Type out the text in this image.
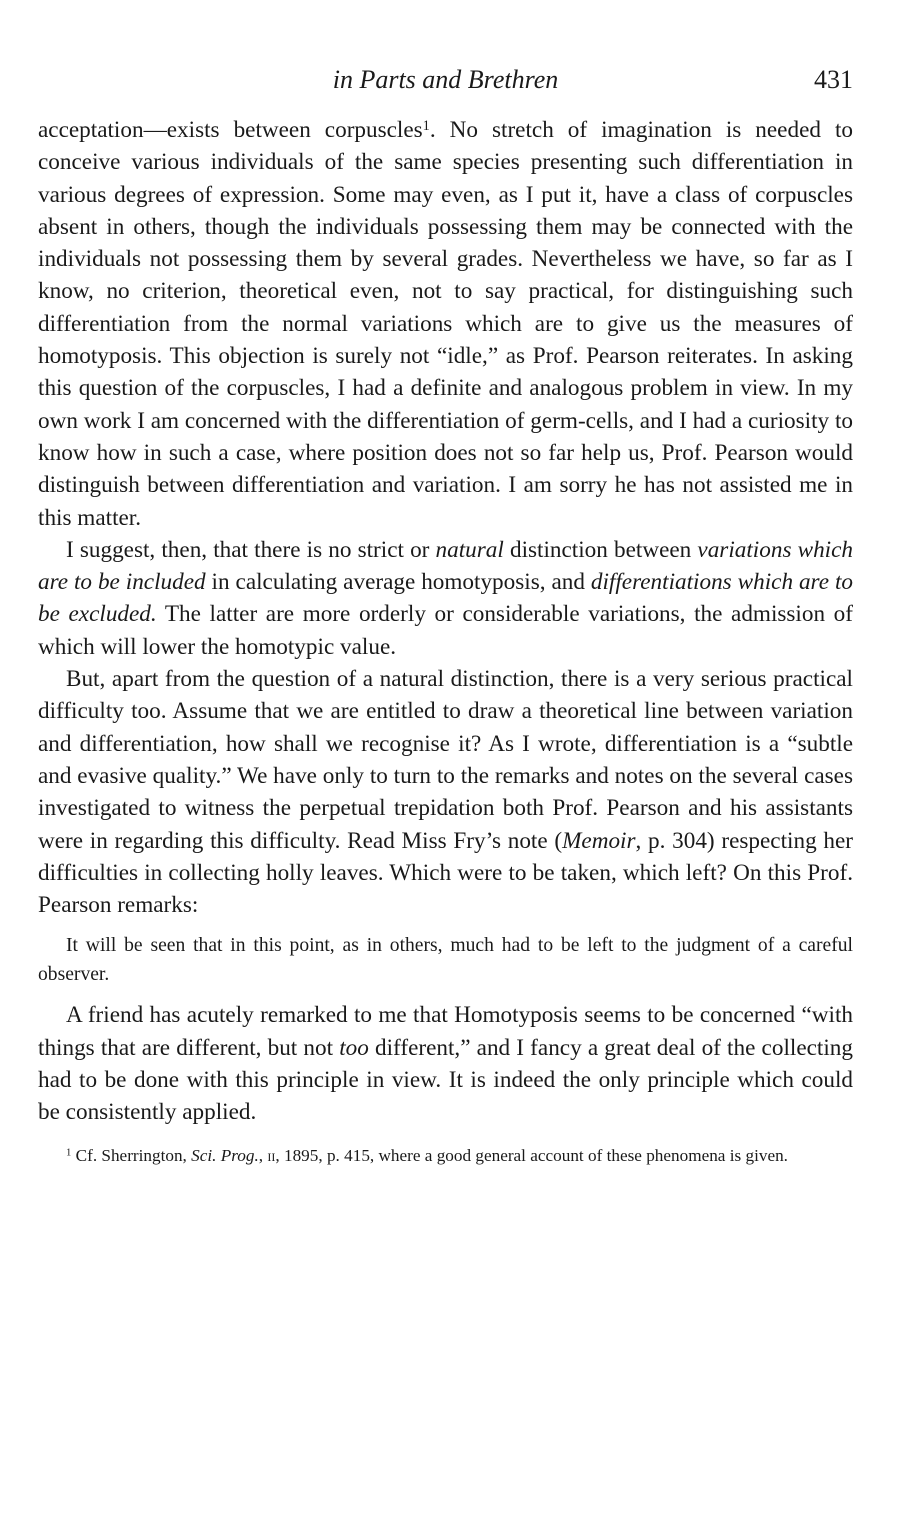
in Parts and Brethren	431

acceptation—exists between corpuscles$^1$. No stretch of imagination is needed to conceive various individuals of the same species presenting such differentiation in various degrees of expression. Some may even, as I put it, have a class of corpuscles absent in others, though the individuals possessing them may be connected with the individuals not possessing them by several grades. Nevertheless we have, so far as I know, no criterion, theoretical even, not to say practical, for distinguishing such differentiation from the normal variations which are to give us the measures of homotyposis. This objection is surely not “idle,” as Prof. Pearson reiterates. In asking this question of the corpuscles, I had a definite and analogous problem in view. In my own work I am concerned with the differentiation of germ-cells, and I had a curiosity to know how in such a case, where position does not so far help us, Prof. Pearson would distinguish between differentiation and variation. I am sorry he has not assisted me in this matter.

I suggest, then, that there is no strict or natural distinction between variations which are to be included in calculating average homotyposis, and differentiations which are to be excluded. The latter are more orderly or considerable variations, the admission of which will lower the homotypic value.

But, apart from the question of a natural distinction, there is a very serious practical difficulty too. Assume that we are entitled to draw a theoretical line between variation and differentiation, how shall we recognise it? As I wrote, differentiation is a “subtle and evasive quality.” We have only to turn to the remarks and notes on the several cases investigated to witness the perpetual trepidation both Prof. Pearson and his assistants were in regarding this difficulty. Read Miss Fry’s note (Memoir, p. 304) respecting her difficulties in collecting holly leaves. Which were to be taken, which left? On this Prof. Pearson remarks:

It will be seen that in this point, as in others, much had to be left to the judgment of a careful observer.

A friend has acutely remarked to me that Homotyposis seems to be concerned “with things that are different, but not too different,” and I fancy a great deal of the collecting had to be done with this principle in view. It is indeed the only principle which could be consistently applied.

$^1$ Cf. Sherrington, Sci. Prog., ii, 1895, p. 415, where a good general account of these phenomena is given.
